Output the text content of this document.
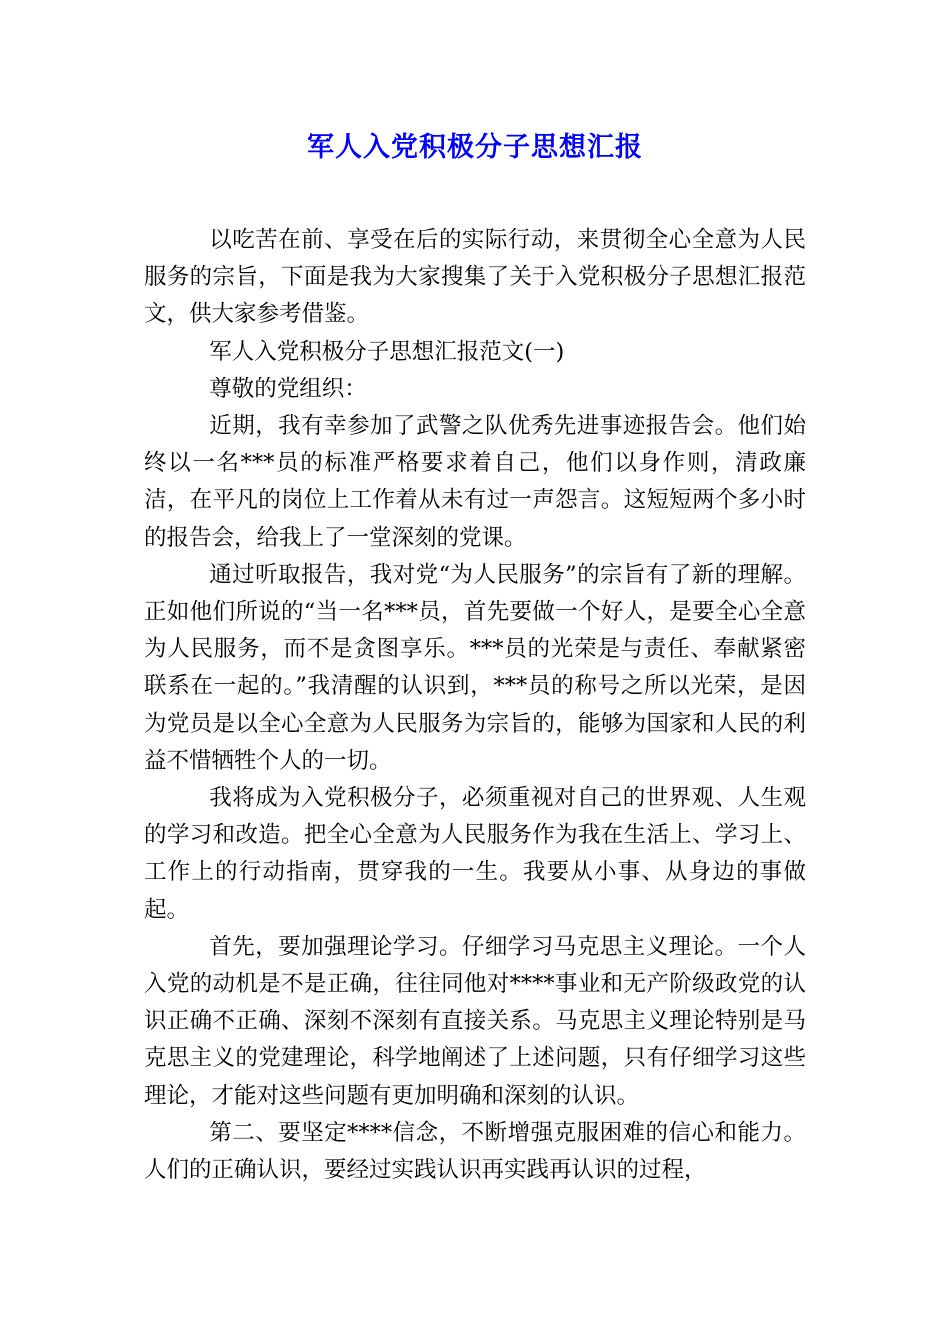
军人入党积极分子思想汇报

以吃苦在前、享受在后的实际行动，来贯彻全心全意为人民服务的宗旨，下面是我为大家搜集了关于入党积极分子思想汇报范文，供大家参考借鉴。

军人入党积极分子思想汇报范文(一)

尊敬的党组织：

近期，我有幸参加了武警之队优秀先进事迹报告会。他们始终以一名***员的标准严格要求着自己，他们以身作则，清政廉洁，在平凡的岗位上工作着从未有过一声怨言。这短短两个多小时的报告会，给我上了一堂深刻的党课。

通过听取报告，我对党“为人民服务”的宗旨有了新的理解。正如他们所说的“当一名***员，首先要做一个好人，是要全心全意为人民服务，而不是贪图享乐。***员的光荣是与责任、奉献紧密联系在一起的。”我清醒的认识到，***员的称号之所以光荣，是因为党员是以全心全意为人民服务为宗旨的，能够为国家和人民的利益不惜牺牲个人的一切。

我将成为入党积极分子，必须重视对自己的世界观、人生观的学习和改造。把全心全意为人民服务作为我在生活上、学习上、工作上的行动指南，贯穿我的一生。我要从小事、从身边的事做起。

首先，要加强理论学习。仔细学习马克思主义理论。一个人入党的动机是不是正确，往往同他对****事业和无产阶级政党的认识正确不正确、深刻不深刻有直接关系。马克思主义理论特别是马克思主义的党建理论，科学地阐述了上述问题，只有仔细学习这些理论，才能对这些问题有更加明确和深刻的认识。

第二、要坚定****信念，不断增强克服困难的信心和能力。人们的正确认识，要经过实践认识再实践再认识的过程，
